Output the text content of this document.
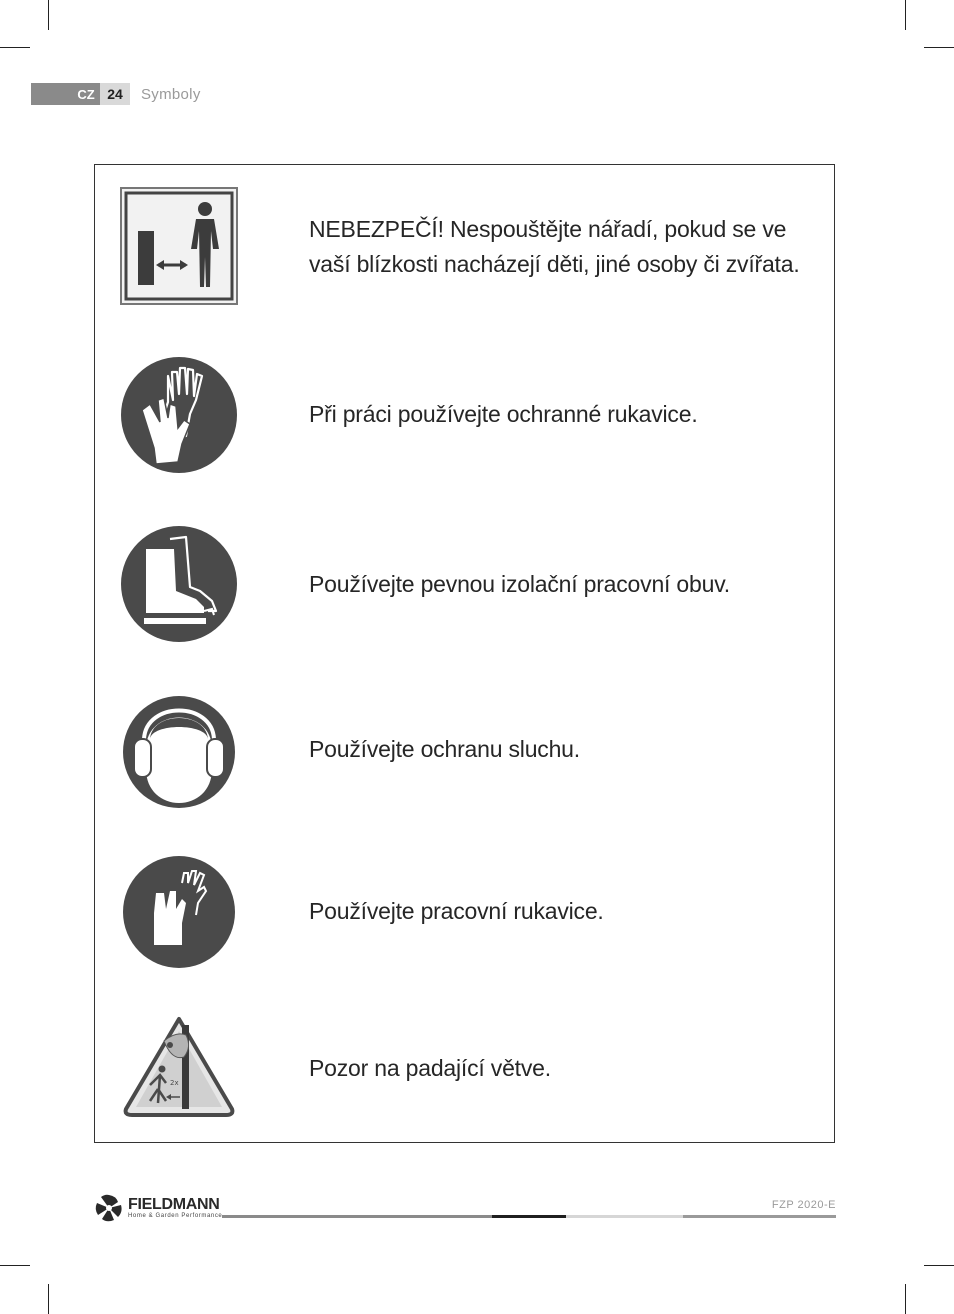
CZ 24	Symboly
NEBEZPEČÍ! Nespouštějte nářadí, pokud se ve vaší blízkosti nacházejí děti, jiné osoby či zvířata.
Při práci používejte ochranné rukavice.
Používejte pevnou izolační pracovní obuv.
Používejte ochranu sluchu.
Používejte pracovní rukavice.
2x
Pozor na padající větve.
FIELDMANN
Home & Garden Performance
FZP 2020-E
